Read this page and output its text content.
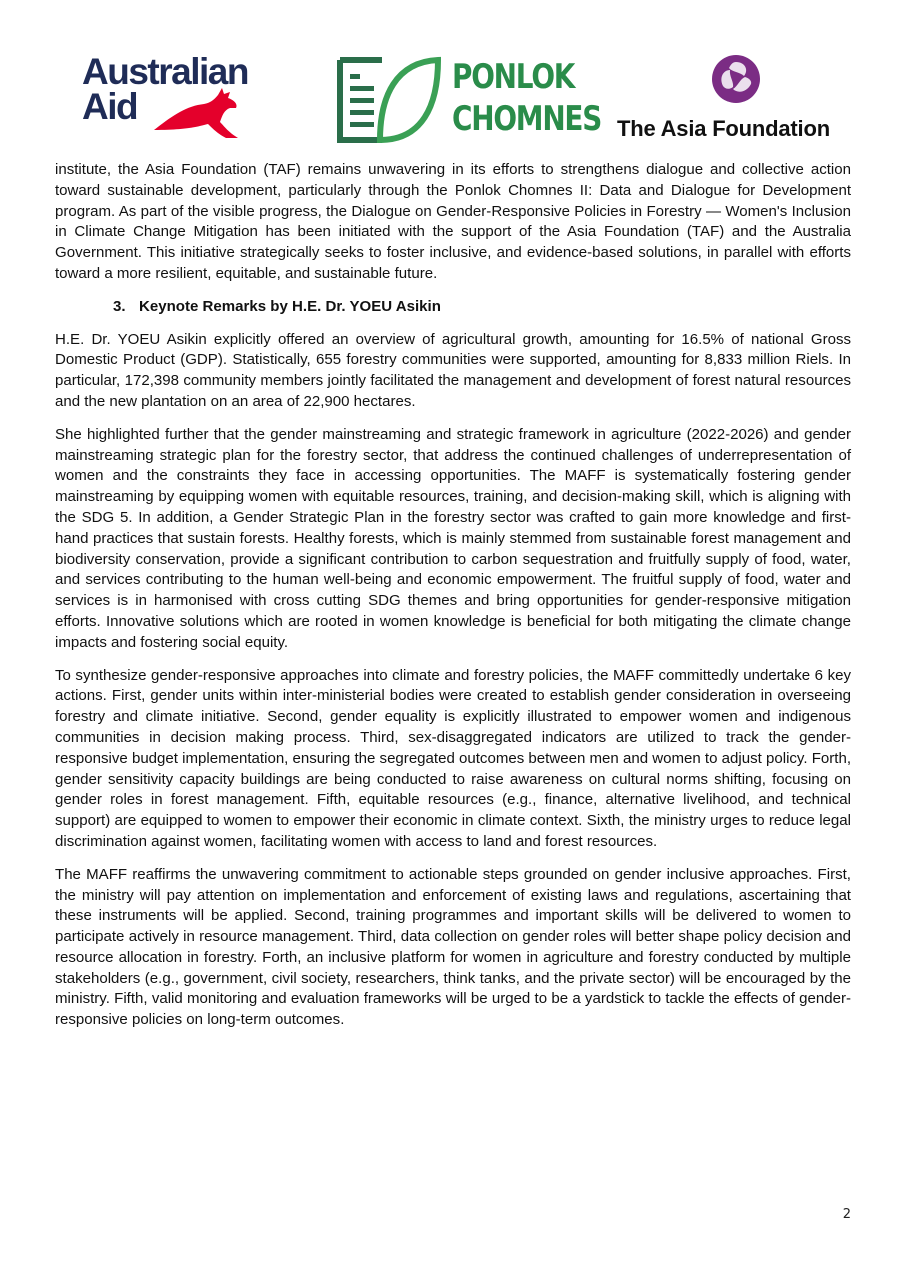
Australian
Aid
PONLOK
CHOMNES The Asia Foundation

institute, the Asia Foundation (TAF) remains unwavering in its efforts to strengthens dialogue and collective action toward sustainable development, particularly through the Ponlok Chomnes II: Data and Dialogue for Development program. As part of the visible progress, the Dialogue on Gender-Responsive Policies in Forestry — Women's Inclusion in Climate Change Mitigation has been initiated with the support of the Asia Foundation (TAF) and the Australia Government. This initiative strategically seeks to foster inclusive, and evidence-based solutions, in parallel with efforts toward a more resilient, equitable, and sustainable future.

3. Keynote Remarks by H.E. Dr. YOEU Asikin

H.E. Dr. YOEU Asikin explicitly offered an overview of agricultural growth, amounting for 16.5% of national Gross Domestic Product (GDP). Statistically, 655 forestry communities were supported, amounting for 8,833 million Riels. In particular, 172,398 community members jointly facilitated the management and development of forest natural resources and the new plantation on an area of 22,900 hectares.

She highlighted further that the gender mainstreaming and strategic framework in agriculture (2022-2026) and gender mainstreaming strategic plan for the forestry sector, that address the continued challenges of underrepresentation of women and the constraints they face in accessing opportunities. The MAFF is systematically fostering gender mainstreaming by equipping women with equitable resources, training, and decision-making skill, which is aligning with the SDG 5. In addition, a Gender Strategic Plan in the forestry sector was crafted to gain more knowledge and first-hand practices that sustain forests. Healthy forests, which is mainly stemmed from sustainable forest management and biodiversity conservation, provide a significant contribution to carbon sequestration and fruitfully supply of food, water, and services contributing to the human well-being and economic empowerment. The fruitful supply of food, water and services is in harmonised with cross cutting SDG themes and bring opportunities for gender-responsive mitigation efforts. Innovative solutions which are rooted in women knowledge is beneficial for both mitigating the climate change impacts and fostering social equity.

To synthesize gender-responsive approaches into climate and forestry policies, the MAFF committedly undertake 6 key actions. First, gender units within inter-ministerial bodies were created to establish gender consideration in overseeing forestry and climate initiative. Second, gender equality is explicitly illustrated to empower women and indigenous communities in decision making process. Third, sex-disaggregated indicators are utilized to track the gender-responsive budget implementation, ensuring the segregated outcomes between men and women to adjust policy. Forth, gender sensitivity capacity buildings are being conducted to raise awareness on cultural norms shifting, focusing on gender roles in forest management. Fifth, equitable resources (e.g., finance, alternative livelihood, and technical support) are equipped to women to empower their economic in climate context. Sixth, the ministry urges to reduce legal discrimination against women, facilitating women with access to land and forest resources.

The MAFF reaffirms the unwavering commitment to actionable steps grounded on gender inclusive approaches. First, the ministry will pay attention on implementation and enforcement of existing laws and regulations, ascertaining that these instruments will be applied. Second, training programmes and important skills will be delivered to women to participate actively in resource management. Third, data collection on gender roles will better shape policy decision and resource allocation in forestry. Forth, an inclusive platform for women in agriculture and forestry conducted by multiple stakeholders (e.g., government, civil society, researchers, think tanks, and the private sector) will be encouraged by the ministry. Fifth, valid monitoring and evaluation frameworks will be urged to be a yardstick to tackle the effects of gender-responsive policies on long-term outcomes.

2
